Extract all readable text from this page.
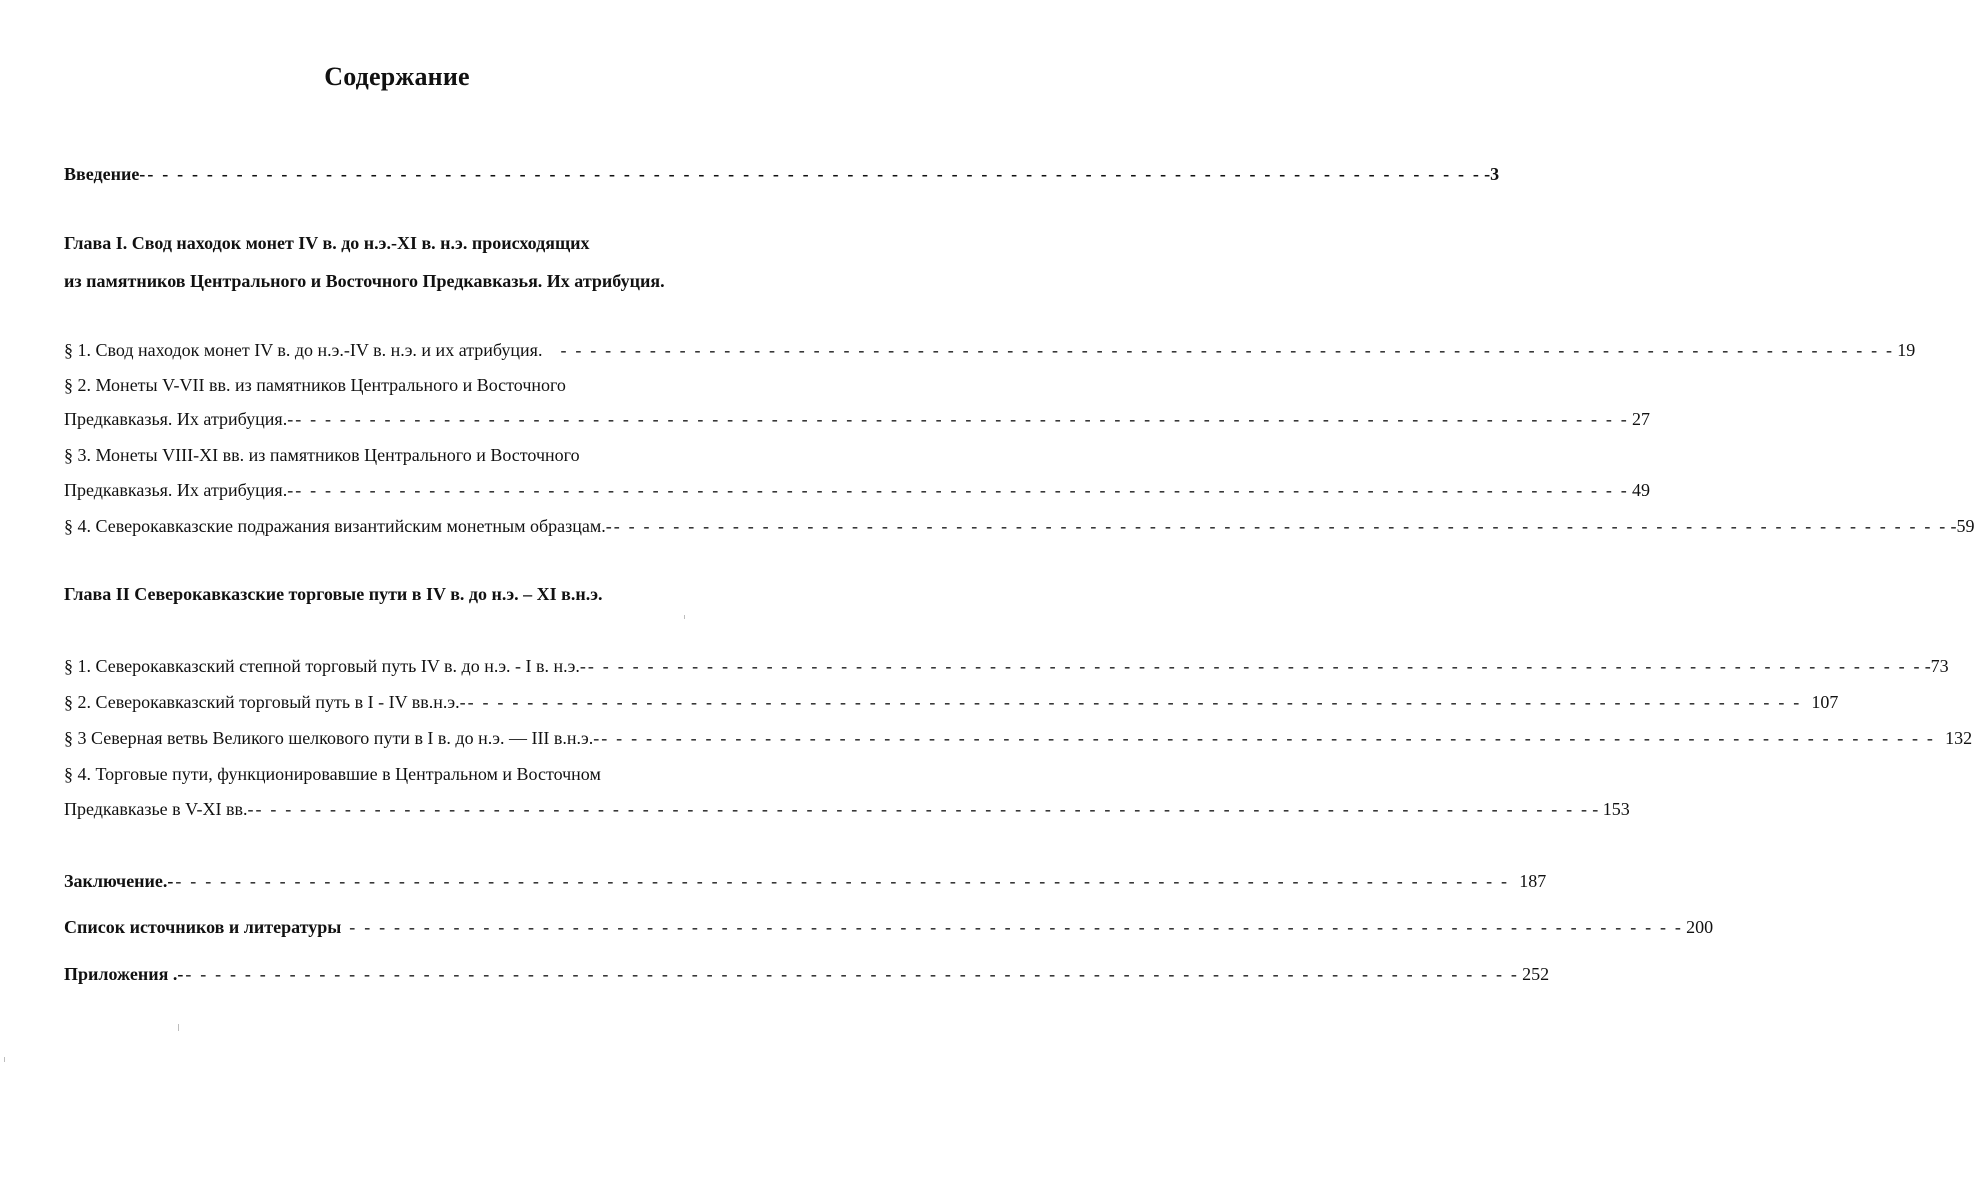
Содержание
Введение- - - - - - - - - - - - - - - - - - - - - - - - - - - - - - - - - - - - - - - - - - - - - - - - - - - - - - - - - - - - - - - - - - - - - - - - - - - - - - - - - - - - - - - - - - - -3
Глава I. Свод находок монет IV в. до н.э.-XI в. н.э. происходящих
из памятников Центрального и Восточного Предкавказья. Их атрибуция.
§ 1. Свод находок монет IV в. до н.э.-IV в. н.э. и их атрибуция. - - - - - - - - - - - - - - - - - - - - - - - - - - - - - - - - - - - - - - - - - - - - - - - - - - - - - - - - - - - - - - - - - - - - - - - - - - - - - - - - - - - - - - - - - - 19
§ 2. Монеты V-VII вв. из памятников Центрального и Восточного
Предкавказья. Их атрибуция.- - - - - - - - - - - - - - - - - - - - - - - - - - - - - - - - - - - - - - - - - - - - - - - - - - - - - - - - - - - - - - - - - - - - - - - - - - - - - - - - - - - - - - - - - - - 27
§ 3. Монеты VIII-XI вв. из памятников Центрального и Восточного
Предкавказья. Их атрибуция.- - - - - - - - - - - - - - - - - - - - - - - - - - - - - - - - - - - - - - - - - - - - - - - - - - - - - - - - - - - - - - - - - - - - - - - - - - - - - - - - - - - - - - - - - - - 49
§ 4. Северокавказские подражания византийским монетным образцам.- - - - - - - - - - - - - - - - - - - - - - - - - - - - - - - - - - - - - - - - - - - - - - - - - - - - - - - - - - - - - - - - - - - - - - - - - - - - - - - - - - - - - - - - - - - -59
Глава II Северокавказские торговые пути в IV в. до н.э. – XI в.н.э.
§ 1. Северокавказский степной торговый путь IV в. до н.э. - I в. н.э.- - - - - - - - - - - - - - - - - - - - - - - - - - - - - - - - - - - - - - - - - - - - - - - - - - - - - - - - - - - - - - - - - - - - - - - - - - - - - - - - - - - - - - - - - - - -73
§ 2. Северокавказский торговый путь в I - IV вв.н.э.- - - - - - - - - - - - - - - - - - - - - - - - - - - - - - - - - - - - - - - - - - - - - - - - - - - - - - - - - - - - - - - - - - - - - - - - - - - - - - - - - - - - - - - - - - - 107
§ 3 Северная ветвь Великого шелкового пути в I в. до н.э. — III в.н.э.- - - - - - - - - - - - - - - - - - - - - - - - - - - - - - - - - - - - - - - - - - - - - - - - - - - - - - - - - - - - - - - - - - - - - - - - - - - - - - - - - - - - - - - - - - - 132
§ 4. Торговые пути, функционировавшие в Центральном и Восточном
Предкавказье в V-XI вв.- - - - - - - - - - - - - - - - - - - - - - - - - - - - - - - - - - - - - - - - - - - - - - - - - - - - - - - - - - - - - - - - - - - - - - - - - - - - - - - - - - - - - - - - - - - - 153
Заключение.- - - - - - - - - - - - - - - - - - - - - - - - - - - - - - - - - - - - - - - - - - - - - - - - - - - - - - - - - - - - - - - - - - - - - - - - - - - - - - - - - - - - - - - - - - - 187
Список источников и литературы - - - - - - - - - - - - - - - - - - - - - - - - - - - - - - - - - - - - - - - - - - - - - - - - - - - - - - - - - - - - - - - - - - - - - - - - - - - - - - - - - - - - - - - - - - 200
Приложения .- - - - - - - - - - - - - - - - - - - - - - - - - - - - - - - - - - - - - - - - - - - - - - - - - - - - - - - - - - - - - - - - - - - - - - - - - - - - - - - - - - - - - - - - - - - 252
